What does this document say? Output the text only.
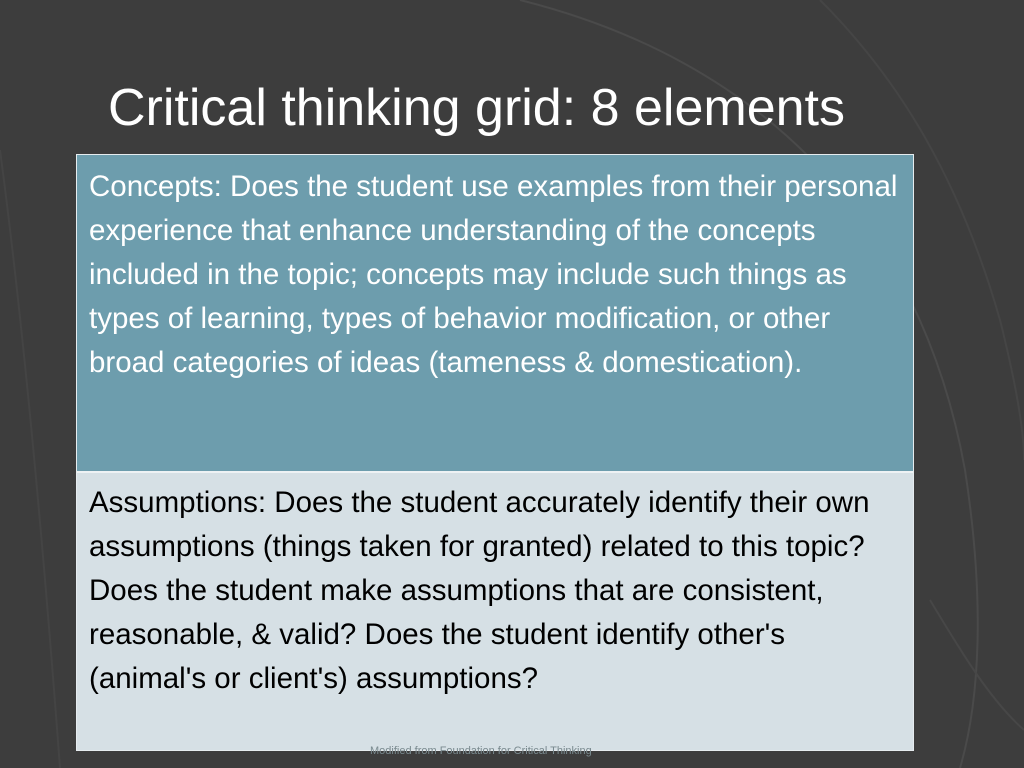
Critical thinking grid: 8 elements
Concepts: Does the student use examples from their personal experience that enhance understanding of the concepts included in the topic; concepts may include such things as types of learning, types of behavior modification, or other broad categories of ideas (tameness & domestication).
Assumptions: Does the student accurately identify their own assumptions (things taken for granted) related to this topic? Does the student make assumptions that are consistent, reasonable, & valid? Does the student identify other's (animal's or client's) assumptions?
Modified from Foundation for Critical Thinking
